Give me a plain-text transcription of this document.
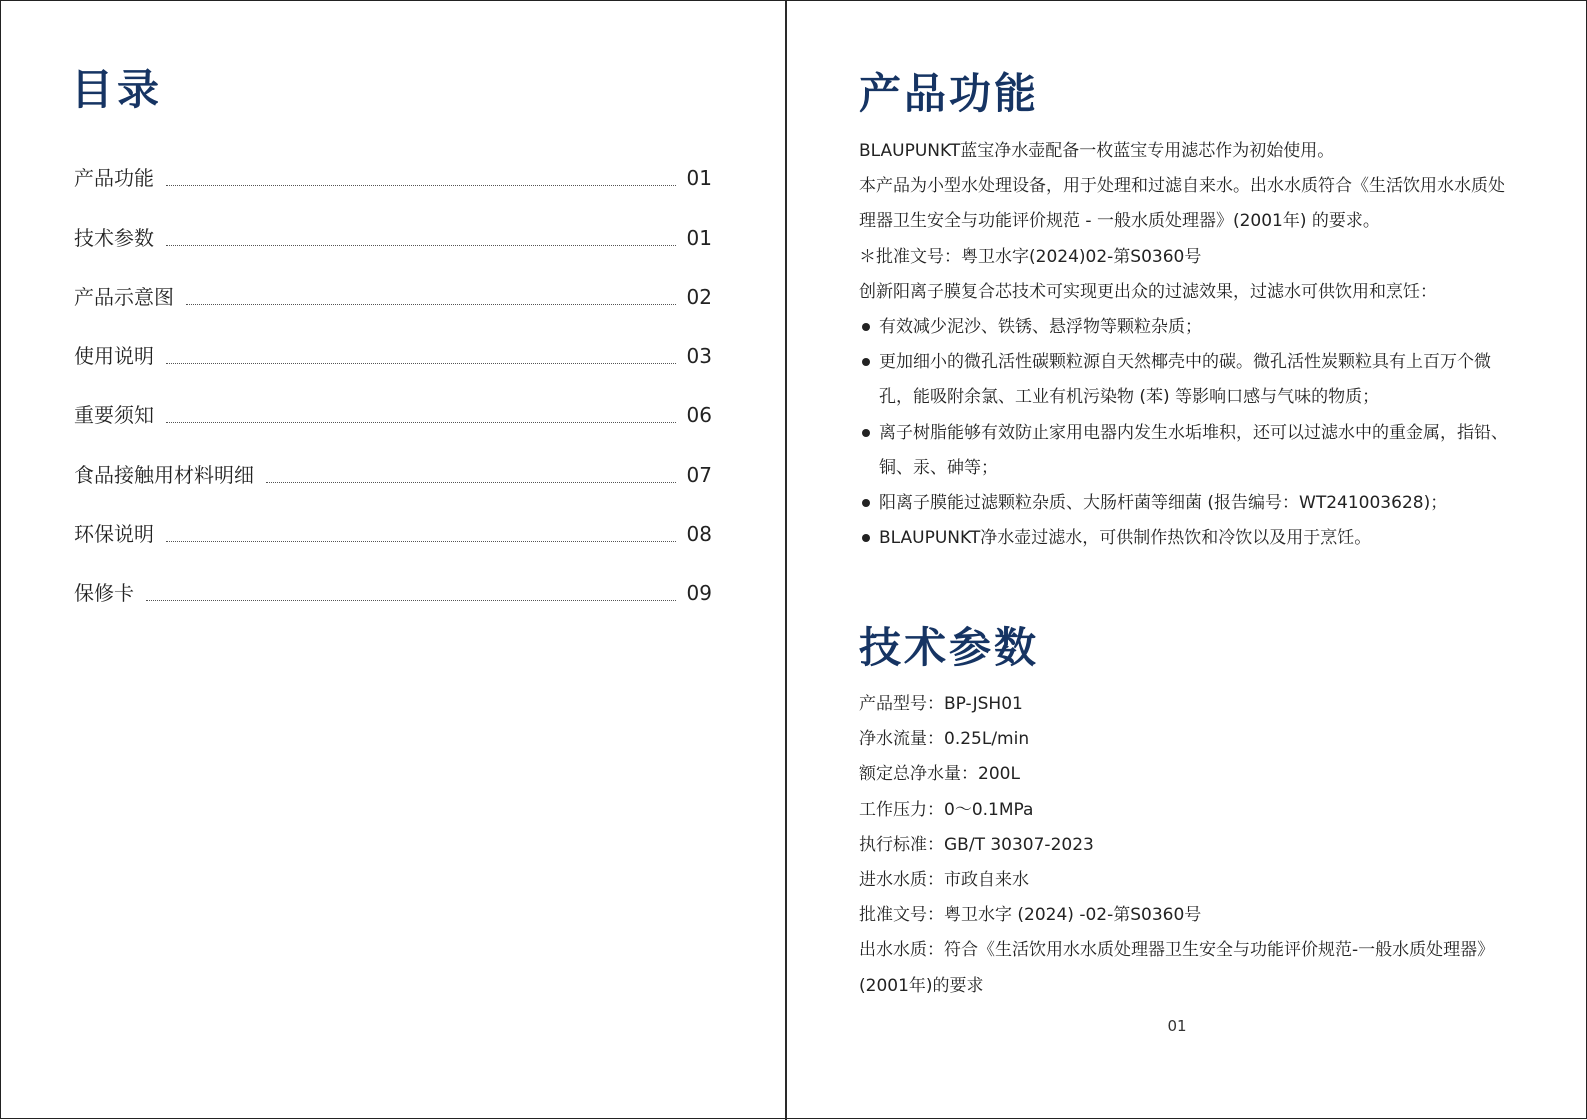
目录
产品功能	01
技术参数	01
产品示意图	02
使用说明	03
重要须知	06
食品接触用材料明细	07
环保说明	08
保修卡	09
产品功能

BLAUPUNKT蓝宝净水壶配备一枚蓝宝专用滤芯作为初始使用。

本产品为小型水处理设备，用于处理和过滤自来水。出水水质符合《生活饮用水水质处理器卫生安全与功能评价规范 - 一般水质处理器》(2001年) 的要求。

＊批准文号：粤卫水字(2024)02-第S0360号

创新阳离子膜复合芯技术可实现更出众的过滤效果，过滤水可供饮用和烹饪：

有效减少泥沙、铁锈、悬浮物等颗粒杂质；
更加细小的微孔活性碳颗粒源自天然椰壳中的碳。微孔活性炭颗粒具有上百万个微孔，能吸附余氯、工业有机污染物 (苯) 等影响口感与气味的物质；
离子树脂能够有效防止家用电器内发生水垢堆积，还可以过滤水中的重金属，指铅、铜、汞、砷等；
阳离子膜能过滤颗粒杂质、大肠杆菌等细菌 (报告编号：WT241003628)；
BLAUPUNKT净水壶过滤水，可供制作热饮和冷饮以及用于烹饪。
技术参数

产品型号：BP-JSH01

净水流量：0.25L/min

额定总净水量：200L

工作压力：0～0.1MPa

执行标准：GB/T 30307-2023

进水水质：市政自来水

批准文号：粤卫水字 (2024) -02-第S0360号

出水水质：符合《生活饮用水水质处理器卫生安全与功能评价规范-一般水质处理器》(2001年)的要求

01
